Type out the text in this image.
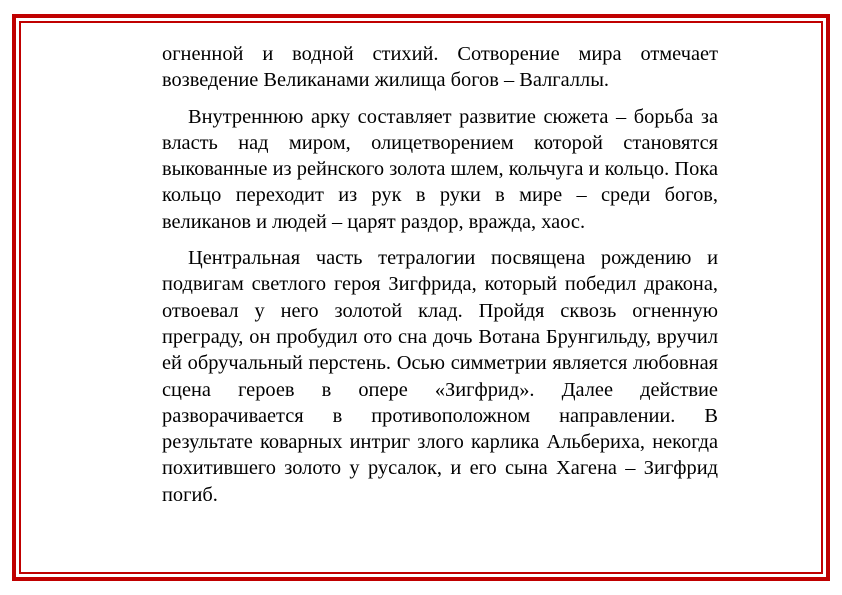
огненной и водной стихий. Сотворение мира отмечает возведение Великанами жилища богов – Валгаллы.

Внутреннюю арку составляет развитие сюжета – борьба за власть над миром, олицетворением которой становятся выкованные из рейнского золота шлем, кольчуга и кольцо. Пока кольцо переходит из рук в руки в мире – среди богов, великанов и людей – царят раздор, вражда, хаос.

Центральная часть тетралогии посвящена рождению и подвигам светлого героя Зигфрида, который победил дракона, отвоевал у него золотой клад. Пройдя сквозь огненную преграду, он пробудил ото сна дочь Вотана Брунгильду, вручил ей обручальный перстень. Осью симметрии является любовная сцена героев в опере «Зигфрид». Далее действие разворачивается в противоположном направлении. В результате коварных интриг злого карлика Альбериха, некогда похитившего золото у русалок, и его сына Хагена – Зигфрид погиб.
